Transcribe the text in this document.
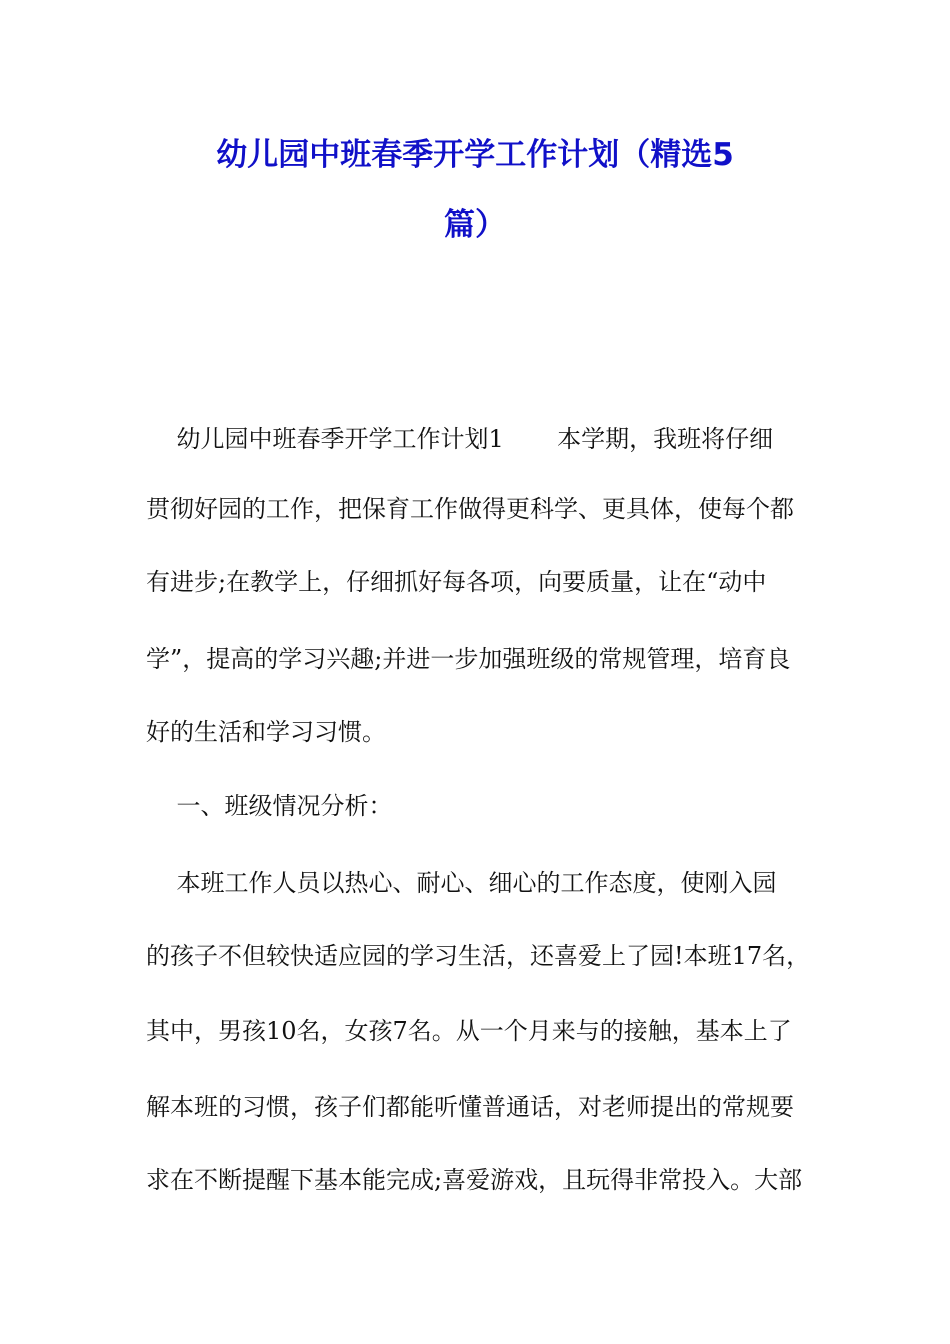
幼儿园中班春季开学工作计划（精选5
篇）
幼儿园中班春季开学工作计划1       本学期，我班将仔细
贯彻好园的工作，把保育工作做得更科学、更具体，使每个都
有进步;在教学上，仔细抓好每各项，向要质量，让在“动中
学”，提高的学习兴趣;并进一步加强班级的常规管理，培育良
好的生活和学习习惯。
一、班级情况分析：
本班工作人员以热心、耐心、细心的工作态度，使刚入园
的孩子不但较快适应园的学习生活，还喜爱上了园!本班17名，
其中，男孩10名，女孩7名。从一个月来与的接触，基本上了
解本班的习惯，孩子们都能听懂普通话，对老师提出的常规要
求在不断提醒下基本能完成;喜爱游戏，且玩得非常投入。大部
